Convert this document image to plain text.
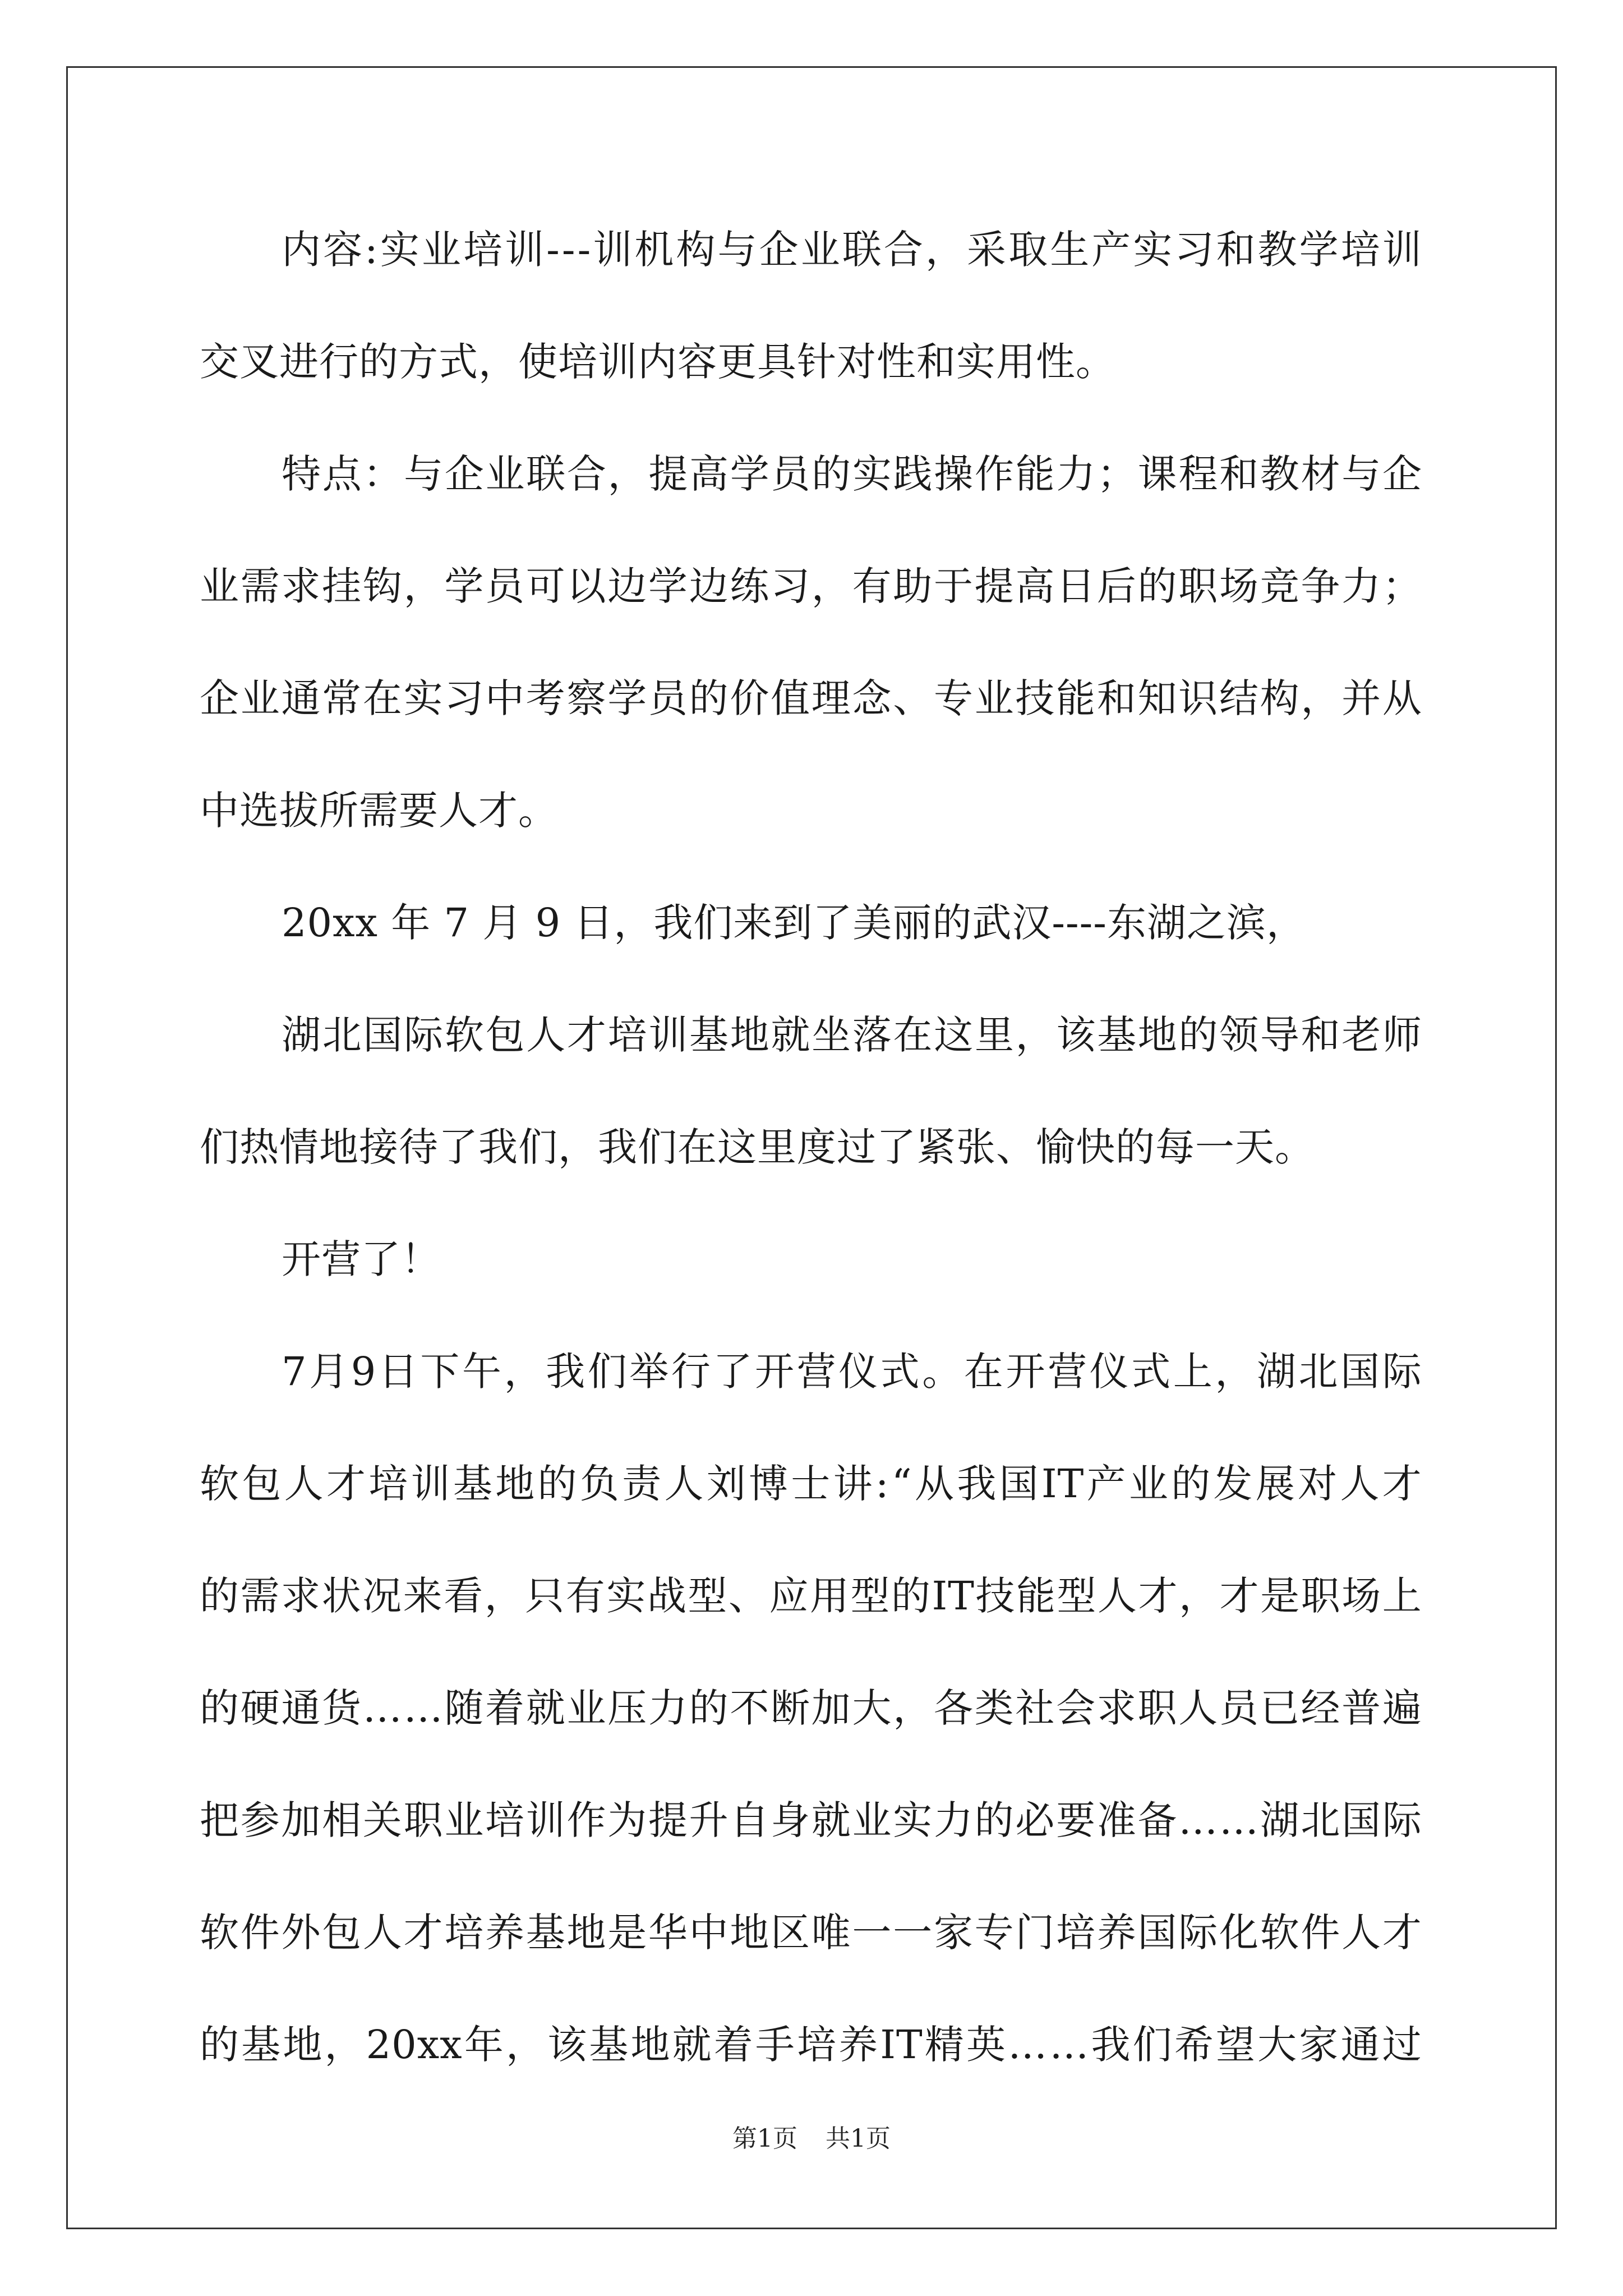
内 容 : 实 业 培 训 - - - 训 机 构 与 企 业 联 合 ， 采 取 生 产 实 习 和 教 学 培 训
交叉进行的方式，使培训内容更具针对性和实用性。
特 点 ： 与 企 业 联 合 ， 提 高 学 员 的 实 践 操 作 能 力 ； 课 程 和 教 材 与 企
业 需 求 挂 钩 ， 学 员 可 以 边 学 边 练 习 ， 有 助 于 提 高 日 后 的 职 场 竞 争 力 ；
企 业 通 常 在 实 习 中 考 察 学 员 的 价 值 理 念 、 专 业 技 能 和 知 识 结 构 ， 并 从
中选拔所需要人才。
20xx 年 7 月 9 日，我们来到了美丽的武汉----东湖之滨，
湖 北 国 际 软 包 人 才 培 训 基 地 就 坐 落 在 这 里 ， 该 基 地 的 领 导 和 老 师
们热情地接待了我们，我们在这里度过了紧张、愉快的每一天。
开营了！
7 月 9 日 下 午 ， 我 们 举 行 了 开 营 仪 式 。 在 开 营 仪 式 上 ， 湖 北 国 际
软 包 人 才 培 训 基 地 的 负 责 人 刘 博 士 讲 : “ 从 我 国 IT 产 业 的 发 展 对 人 才
的 需 求 状 况 来 看 ， 只 有 实 战 型 、 应 用 型 的 IT 技 能 型 人 才 ， 才 是 职 场 上
的 硬 通 货 … … 随 着 就 业 压 力 的 不 断 加 大 ， 各 类 社 会 求 职 人 员 已 经 普 遍
把 参 加 相 关 职 业 培 训 作 为 提 升 自 身 就 业 实 力 的 必 要 准 备 … … 湖 北 国 际
软 件 外 包 人 才 培 养 基 地 是 华 中 地 区 唯 一 一 家 专 门 培 养 国 际 化 软 件 人 才
的 基 地 ， 20xx 年 ， 该 基 地 就 着 手 培 养 IT 精 英 … … 我 们 希 望 大 家 通 过
第1页 共1页
